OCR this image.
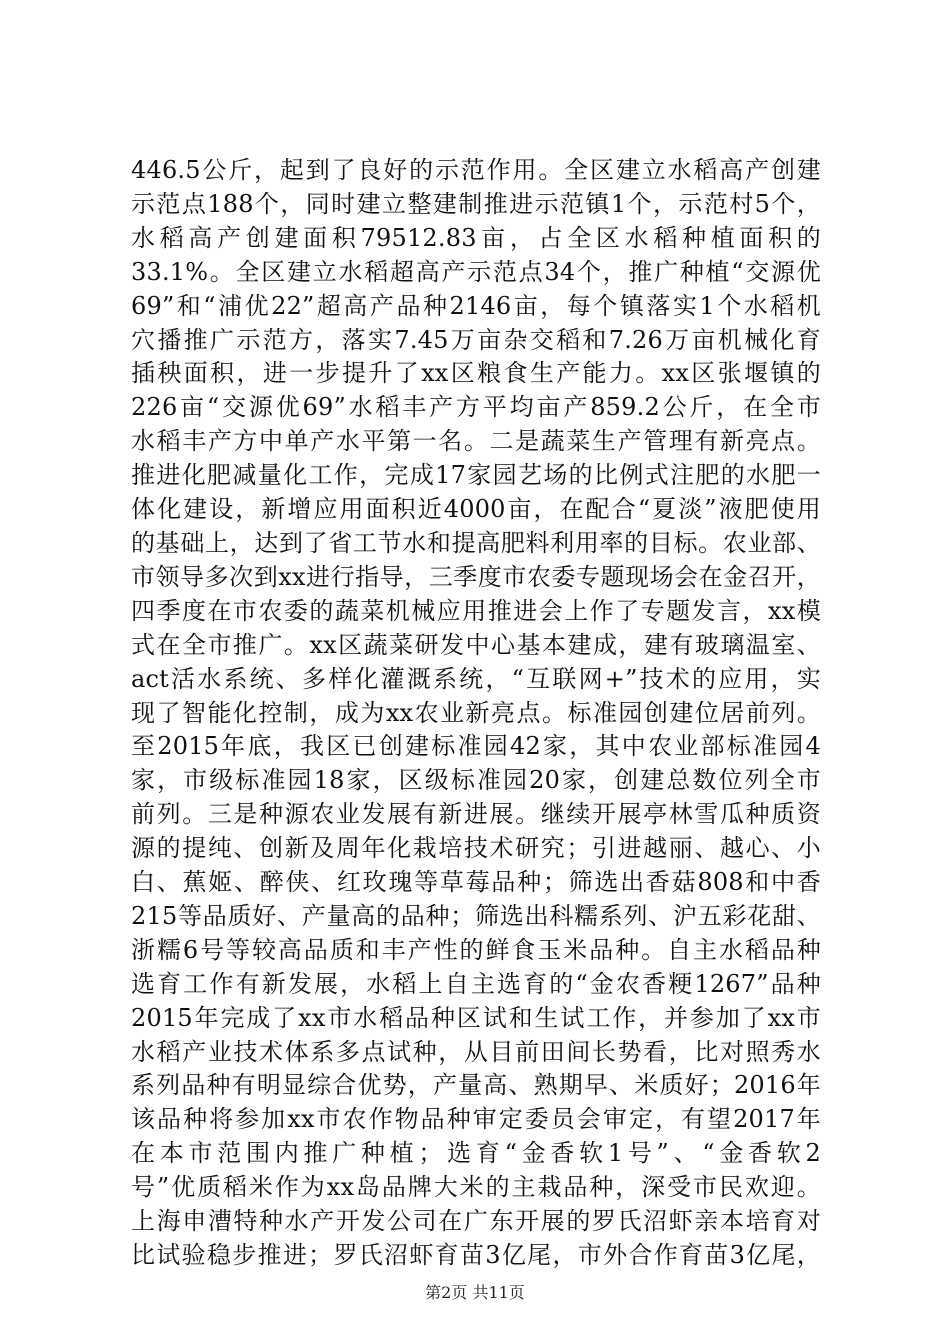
446.5公斤，起到了良好的示范作用。全区建立水稻高产创建
示范点188个，同时建立整建制推进示范镇1个，示范村5个，
水稻高产创建面积79512.83亩，占全区水稻种植面积的
33.1%。全区建立水稻超高产示范点34个，推广种植“交源优
69”和“浦优22”超高产品种2146亩，每个镇落实1个水稻机
穴播推广示范方，落实7.45万亩杂交稻和7.26万亩机械化育
插秧面积，进一步提升了xx区粮食生产能力。xx区张堰镇的
226亩“交源优69”水稻丰产方平均亩产859.2公斤，在全市
水稻丰产方中单产水平第一名。二是蔬菜生产管理有新亮点。
推进化肥减量化工作，完成17家园艺场的比例式注肥的水肥一
体化建设，新增应用面积近4000亩，在配合“夏淡”液肥使用
的基础上，达到了省工节水和提高肥料利用率的目标。农业部、
市领导多次到xx进行指导，三季度市农委专题现场会在金召开，
四季度在市农委的蔬菜机械应用推进会上作了专题发言，xx模
式在全市推广。xx区蔬菜研发中心基本建成，建有玻璃温室、
act活水系统、多样化灌溉系统，“互联网+”技术的应用，实
现了智能化控制，成为xx农业新亮点。标准园创建位居前列。
至2015年底，我区已创建标准园42家，其中农业部标准园4
家，市级标准园18家，区级标准园20家，创建总数位列全市
前列。三是种源农业发展有新进展。继续开展亭林雪瓜种质资
源的提纯、创新及周年化栽培技术研究；引进越丽、越心、小
白、蕉姬、醉侠、红玫瑰等草莓品种；筛选出香菇808和中香
215等品质好、产量高的品种；筛选出科糯系列、沪五彩花甜、
浙糯6号等较高品质和丰产性的鲜食玉米品种。自主水稻品种
选育工作有新发展，水稻上自主选育的“金农香粳1267”品种
2015年完成了xx市水稻品种区试和生试工作，并参加了xx市
水稻产业技术体系多点试种，从目前田间长势看，比对照秀水
系列品种有明显综合优势，产量高、熟期早、米质好；2016年
该品种将参加xx市农作物品种审定委员会审定，有望2017年
在本市范围内推广种植；选育“金香软1号”、“金香软2
号”优质稻米作为xx岛品牌大米的主栽品种，深受市民欢迎。
上海申漕特种水产开发公司在广东开展的罗氏沼虾亲本培育对
比试验稳步推进；罗氏沼虾育苗3亿尾，市外合作育苗3亿尾，
第2页 共11页
